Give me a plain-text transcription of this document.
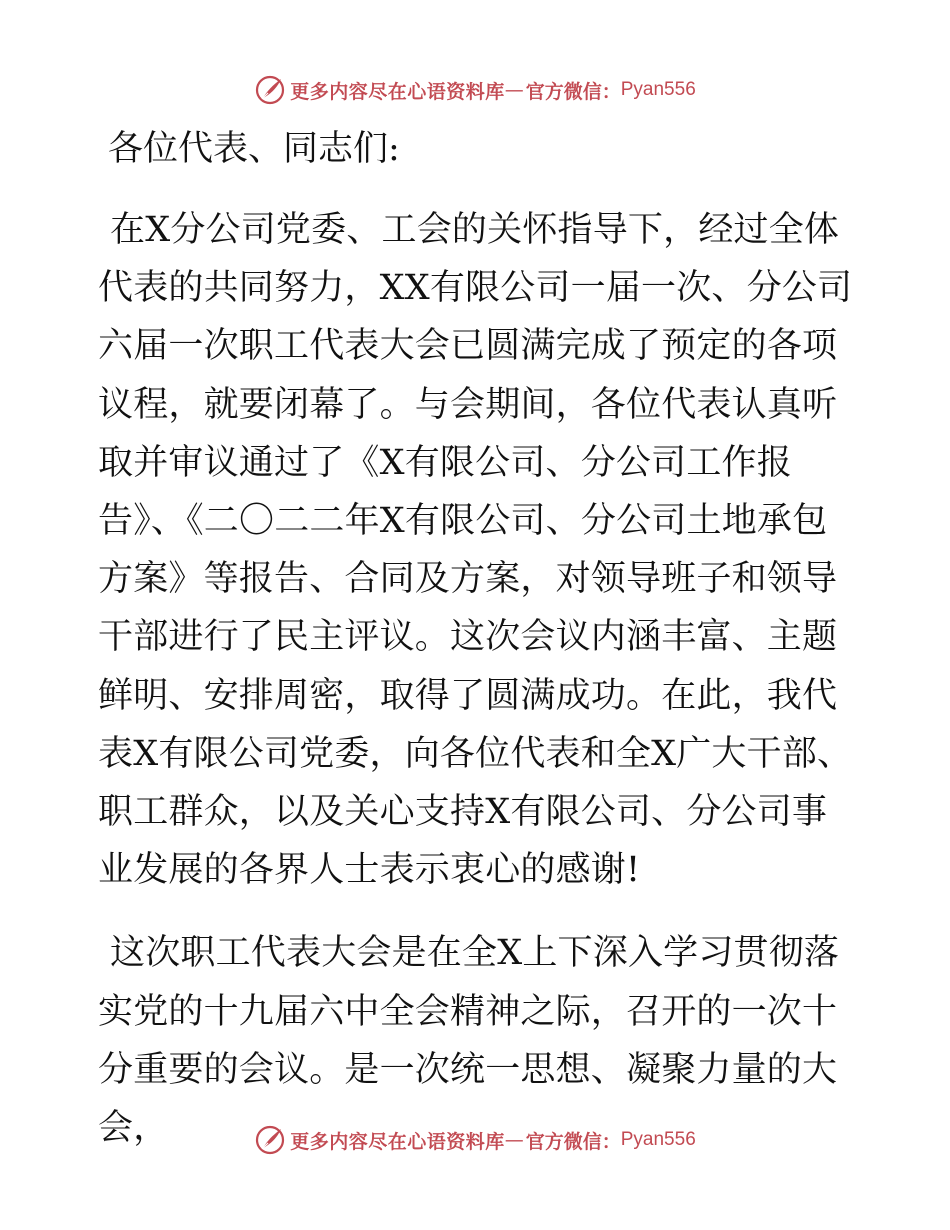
更多内容尽在心语资料库 — 官方微信： Pyan556

各位代表、同志们:

在X分公司党委、工会的关怀指导下，经过全体代表的共同努力，XX有限公司一届一次、分公司六届一次职工代表大会已圆满完成了预定的各项议程，就要闭幕了。与会期间，各位代表认真听取并审议通过了《X有限公司、分公司工作报告》、《二〇二二年X有限公司、分公司土地承包方案》等报告、合同及方案，对领导班子和领导干部进行了民主评议。这次会议内涵丰富、主题鲜明、安排周密，取得了圆满成功。在此，我代表X有限公司党委，向各位代表和全X广大干部、职工群众，以及关心支持X有限公司、分公司事业发展的各界人士表示衷心的感谢!

这次职工代表大会是在全X上下深入学习贯彻落实党的十九届六中全会精神之际，召开的一次十分重要的会议。是一次统一思想、凝聚力量的大会，	更多内容尽在心语资料库 — 官方微信： Pyan556
